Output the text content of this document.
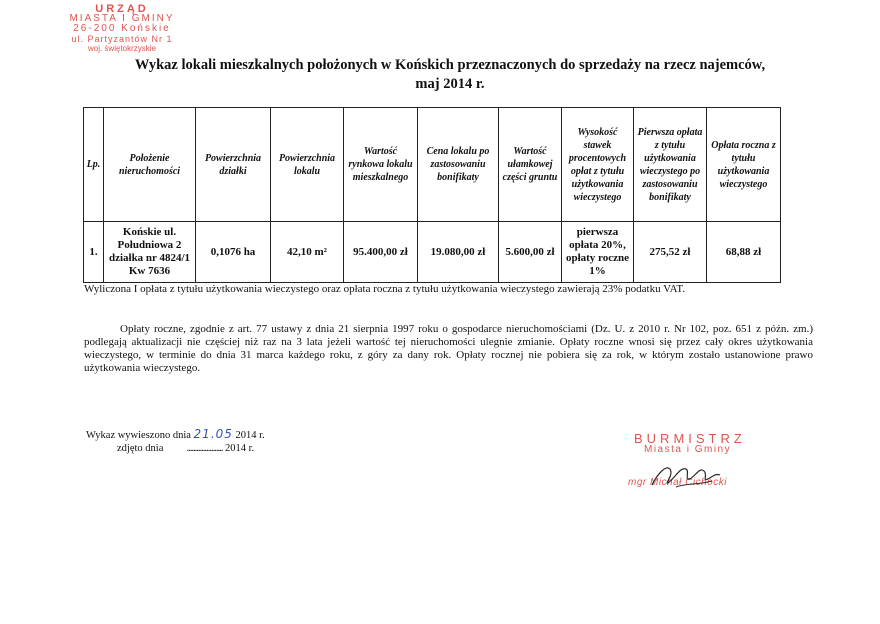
URZĄD
MIASTA I GMINY
26-200 Końskie
ul. Partyzantów Nr 1
woj. świętokrzyskie
Wykaz lokali mieszkalnych położonych w Końskich przeznaczonych do sprzedaży na rzecz najemców,
maj 2014 r.
Lp.	Położenie nieruchomości	Powierzchnia działki	Powierzchnia lokalu	Wartość rynkowa lokalu mieszkalnego	Cena lokalu po zastosowaniu bonifikaty	Wartość ułamkowej części gruntu	Wysokość stawek procentowych opłat z tytułu użytkowania wieczystego	Pierwsza opłata z tytułu użytkowania wieczystego po zastosowaniu bonifikaty	Opłata roczna z tytułu użytkowania wieczystego
1.	Końskie ul. Południowa 2 działka nr 4824/1 Kw 7636	0,1076 ha	42,10 m²	95.400,00 zł	19.080,00 zł	5.600,00 zł	pierwsza opłata 20%, opłaty roczne 1%	275,52 zł	68,88 zł
Wyliczona I opłata z tytułu użytkowania wieczystego oraz opłata roczna z tytułu użytkowania wieczystego zawierają 23% podatku VAT.
Opłaty roczne, zgodnie z art. 77 ustawy z dnia 21 sierpnia 1997 roku o gospodarce nieruchomościami (Dz. U. z 2010 r. Nr 102, poz. 651 z późn. zm.) podlegają aktualizacji nie częściej niż raz na 3 lata jeżeli wartość tej nieruchomości ulegnie zmianie. Opłaty roczne wnosi się przez cały okres użytkowania wieczystego, w terminie do dnia 31 marca każdego roku, z góry za dany rok. Opłaty rocznej nie pobiera się za rok, w którym zostało ustanowione prawo użytkowania wieczystego.
Wykaz wywieszono dnia 21.05 2014 r.
zdjęto dnia ...................... 2014 r.
BURMISTRZ
Miasta i Gminy
mgr Michał Cichocki
